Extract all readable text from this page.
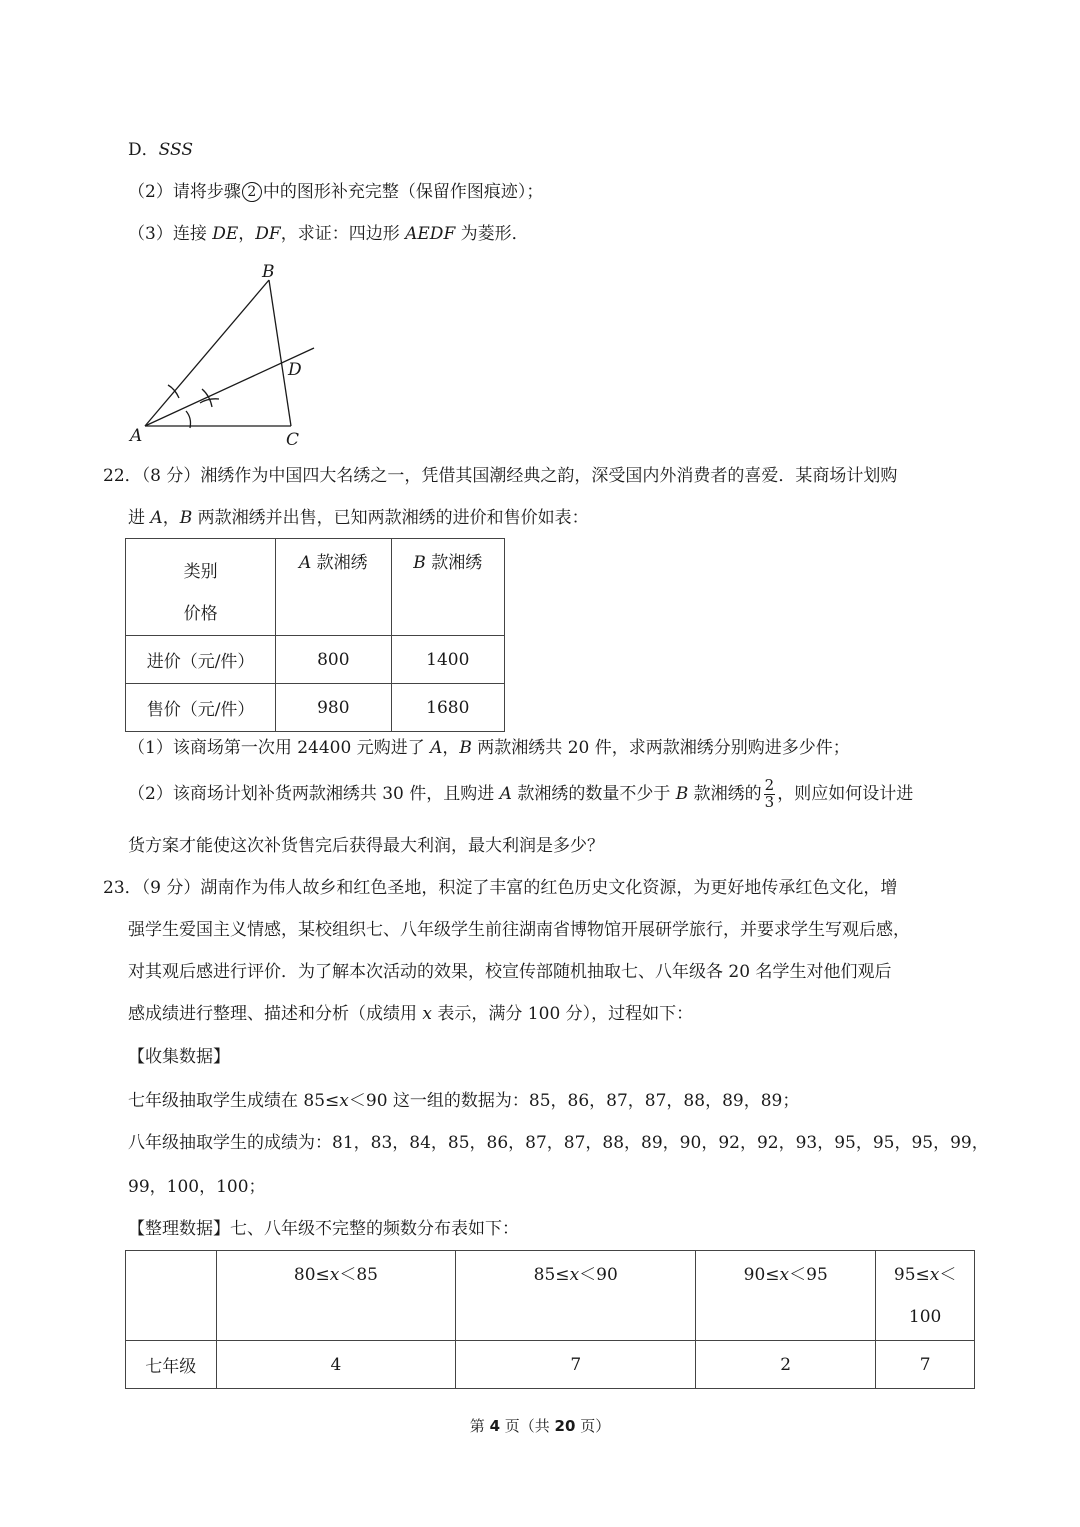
D．SSS
（2）请将步骤 2 中的图形补充完整（保留作图痕迹）；
（3）连接 DE，DF，求证：四边形 AEDF 为菱形．
A
B
C
D
22．（8 分）湘绣作为中国四大名绣之一，凭借其国潮经典之韵，深受国内外消费者的喜爱．某商场计划购
进 A，B 两款湘绣并出售，已知两款湘绣的进价和售价如表：
类别
价格	A 款湘绣	B 款湘绣
进价（元/件）	800	1400
售价（元/件）	980	1680
（1）该商场第一次用 24400 元购进了 A，B 两款湘绣共 20 件，求两款湘绣分别购进多少件；
（2）该商场计划补货两款湘绣共 30 件，且购进 A 款湘绣的数量不少于 B 款湘绣的 $\frac{2}{3}$ ，则应如何设计进
货方案才能使这次补货售完后获得最大利润，最大利润是多少？
23．（9 分）湖南作为伟人故乡和红色圣地，积淀了丰富的红色历史文化资源，为更好地传承红色文化，增
强学生爱国主义情感，某校组织七、八年级学生前往湖南省博物馆开展研学旅行，并要求学生写观后感，
对其观后感进行评价．为了解本次活动的效果，校宣传部随机抽取七、八年级各 20 名学生对他们观后
感成绩进行整理、描述和分析（成绩用 x 表示，满分 100 分），过程如下：
【收集数据】
七年级抽取学生成绩在 85≤x＜90 这一组的数据为：85，86，87，87，88，89，89；
八年级抽取学生的成绩为：81，83，84，85，86，87，87，88，89，90，92，92，93，95，95，95，99，
99，100，100；
【整理数据】七、八年级不完整的频数分布表如下：
	80≤x＜85	85≤x＜90	90≤x＜95	95≤x＜
100

七年级	4	7	2	7
第 4 页（共 20 页）
